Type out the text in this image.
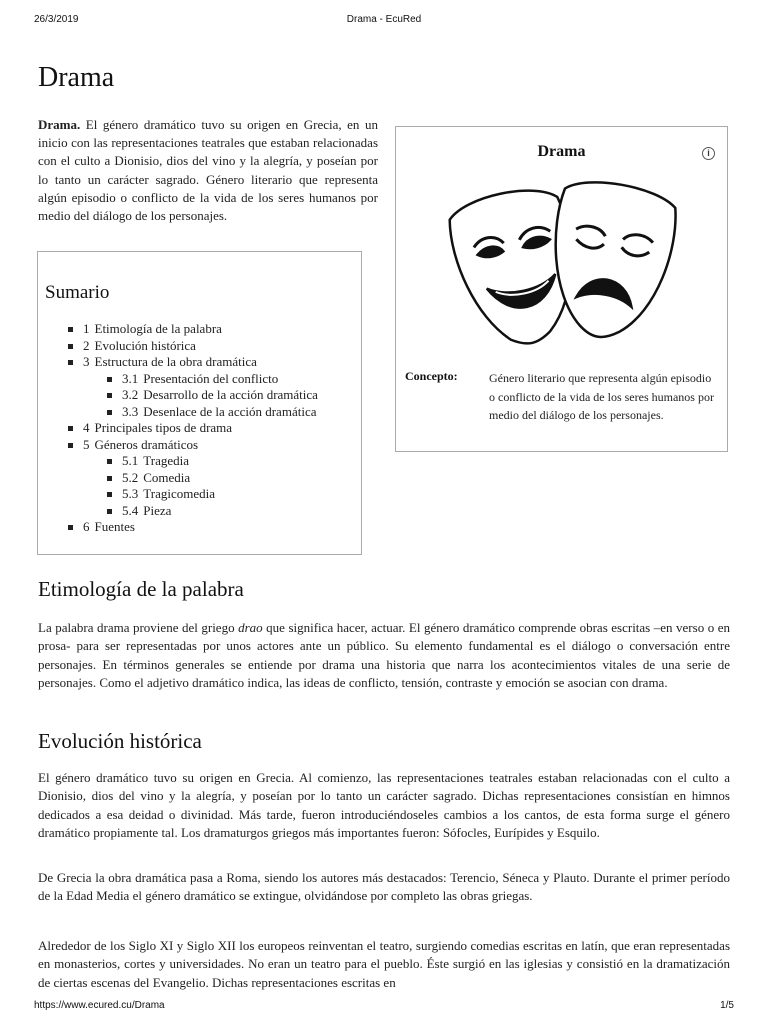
26/3/2019	Drama - EcuRed
Drama

Drama. El género dramático tuvo su origen en Grecia, en un inicio con las representaciones teatrales que estaban relacionadas con el culto a Dionisio, dios del vino y la alegría, y poseían por lo tanto un carácter sagrado. Género literario que representa algún episodio o conflicto de la vida de los seres humanos por medio del diálogo de los personajes.

Drama	i
Concepto:	Género literario que representa algún episodio o conflicto de la vida de los seres humanos por medio del diálogo de los personajes.
Sumario
1 Etimología de la palabra
2 Evolución histórica
3 Estructura de la obra dramática
3.1 Presentación del conflicto
3.2 Desarrollo de la acción dramática
3.3 Desenlace de la acción dramática
4 Principales tipos de drama
5 Géneros dramáticos
5.1 Tragedia
5.2 Comedia
5.3 Tragicomedia
5.4 Pieza
6 Fuentes
Etimología de la palabra

La palabra drama proviene del griego drao que significa hacer, actuar. El género dramático comprende obras escritas –en verso o en prosa- para ser representadas por unos actores ante un público. Su elemento fundamental es el diálogo o conversación entre personajes. En términos generales se entiende por drama una historia que narra los acontecimientos vitales de una serie de personajes. Como el adjetivo dramático indica, las ideas de conflicto, tensión, contraste y emoción se asocian con drama.

Evolución histórica

El género dramático tuvo su origen en Grecia. Al comienzo, las representaciones teatrales estaban relacionadas con el culto a Dionisio, dios del vino y la alegría, y poseían por lo tanto un carácter sagrado. Dichas representaciones consistían en himnos dedicados a esa deidad o divinidad. Más tarde, fueron introduciéndoseles cambios a los cantos, de esta forma surge el género dramático propiamente tal. Los dramaturgos griegos más importantes fueron: Sófocles, Eurípides y Esquilo.

De Grecia la obra dramática pasa a Roma, siendo los autores más destacados: Terencio, Séneca y Plauto. Durante el primer período de la Edad Media el género dramático se extingue, olvidándose por completo las obras griegas.

Alrededor de los Siglo XI y Siglo XII los europeos reinventan el teatro, surgiendo comedias escritas en latín, que eran representadas en monasterios, cortes y universidades. No eran un teatro para el pueblo. Éste surgió en las iglesias y consistió en la dramatización de ciertas escenas del Evangelio. Dichas representaciones escritas en

https://www.ecured.cu/Drama	1/5
